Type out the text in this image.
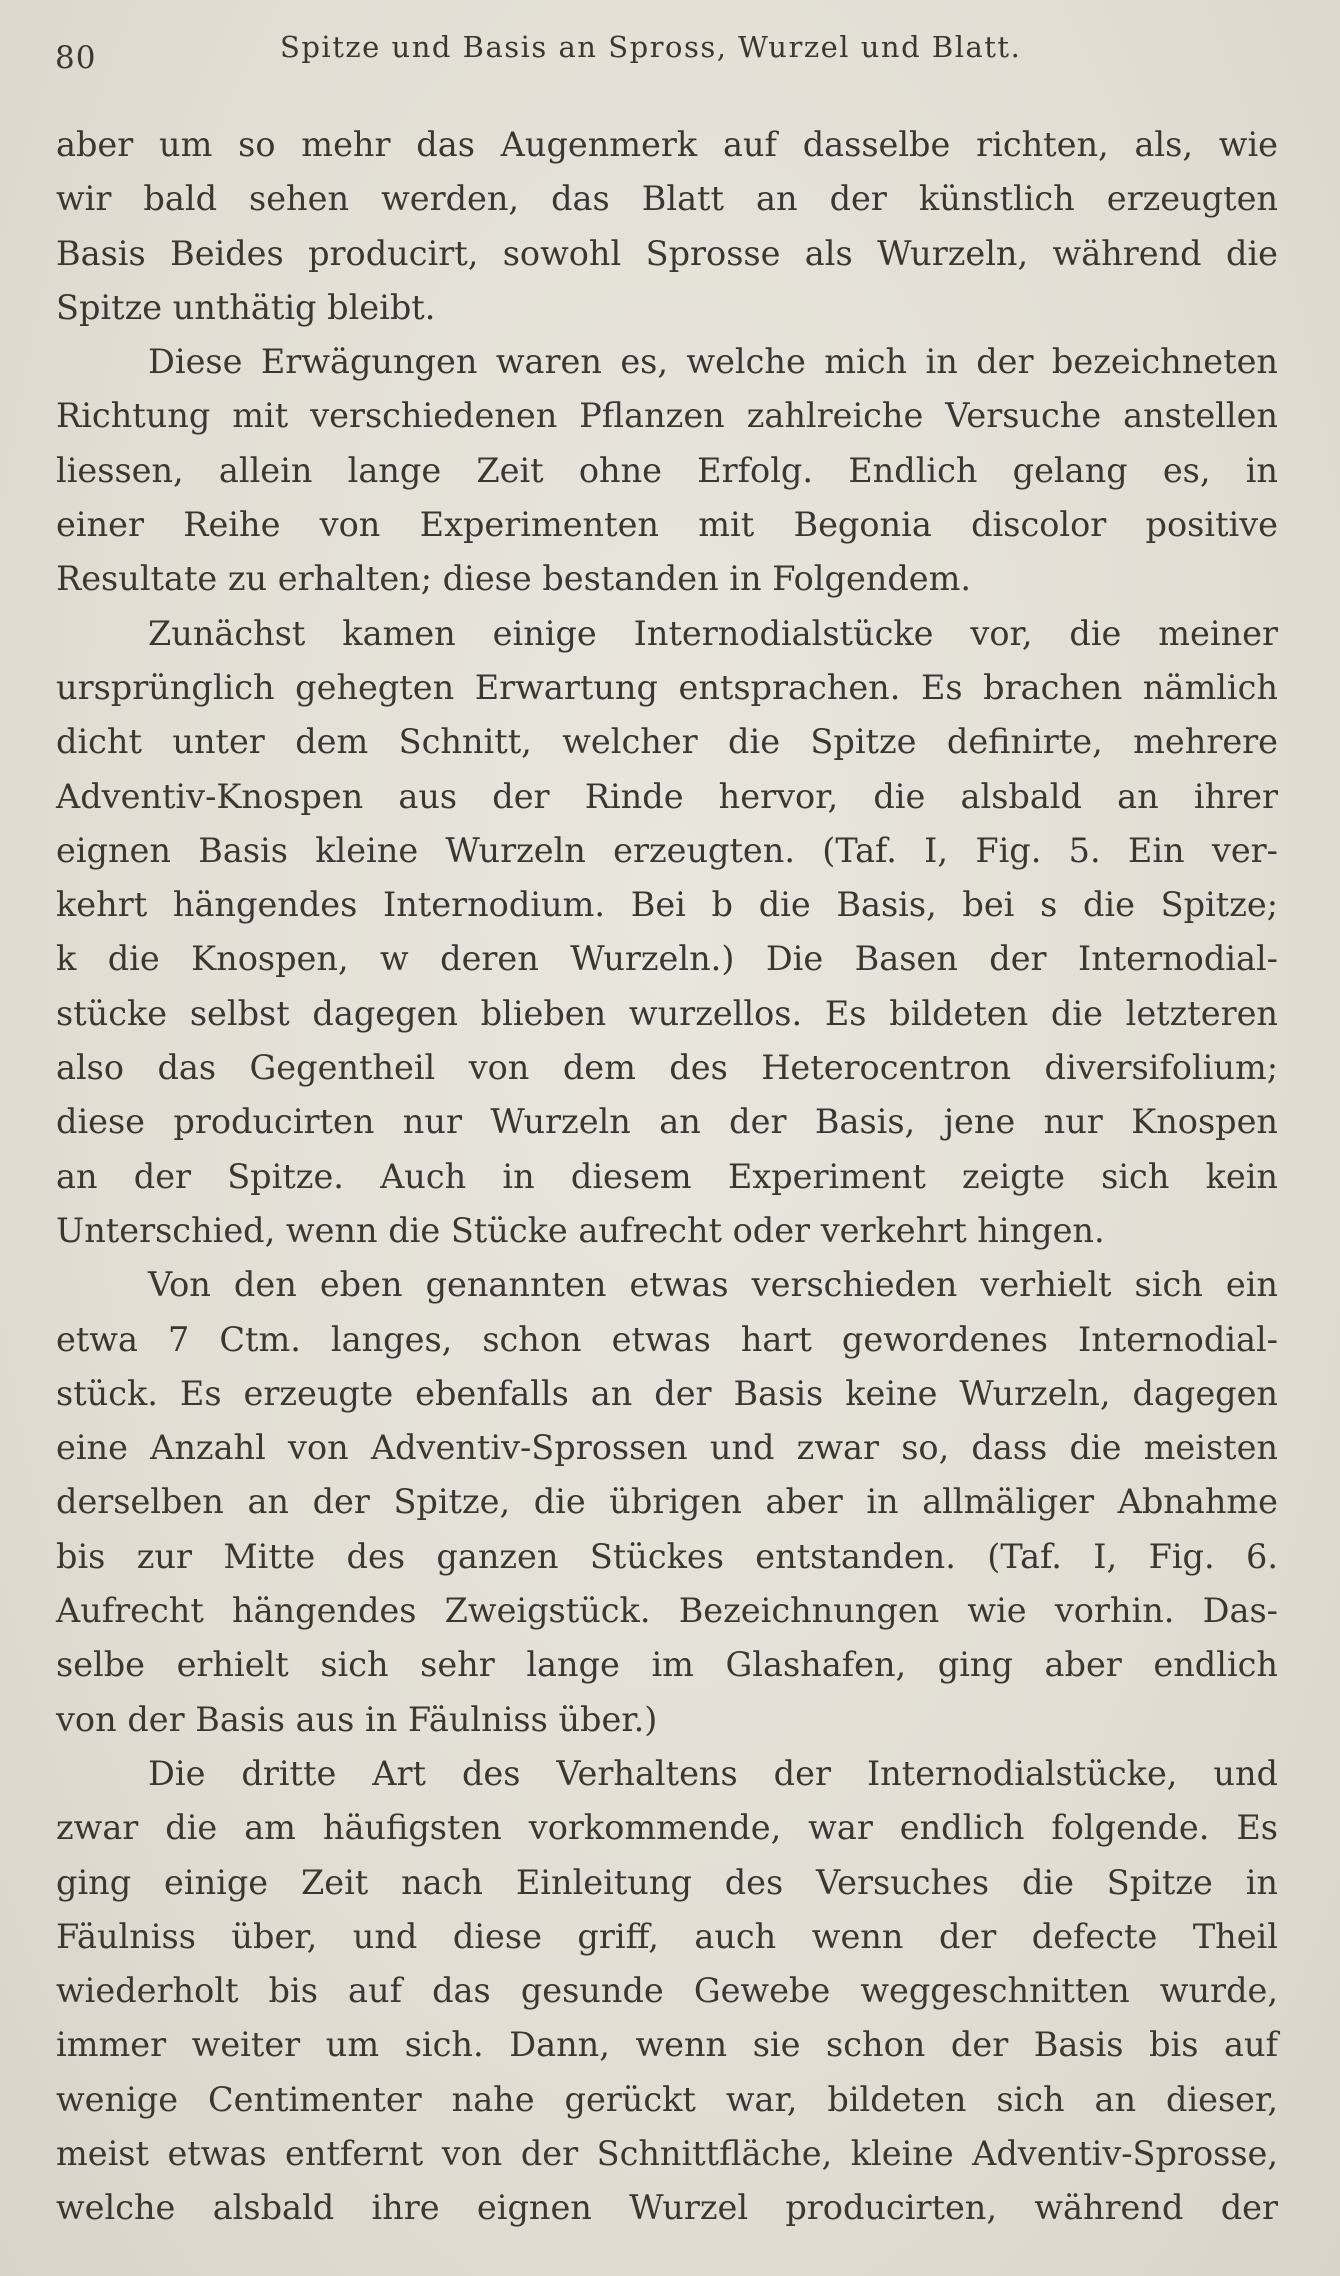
80	Spitze und Basis an Spross, Wurzel und Blatt.
aber um so mehr das Augenmerk auf dasselbe richten, als, wie
wir bald sehen werden, das Blatt an der künstlich erzeugten
Basis Beides producirt, sowohl Sprosse als Wurzeln, während die
Spitze unthätig bleibt.
Diese Erwägungen waren es, welche mich in der bezeichneten
Richtung mit verschiedenen Pflanzen zahlreiche Versuche anstellen
liessen, allein lange Zeit ohne Erfolg. Endlich gelang es, in
einer Reihe von Experimenten mit Begonia discolor positive
Resultate zu erhalten; diese bestanden in Folgendem.
Zunächst kamen einige Internodialstücke vor, die meiner
ursprünglich gehegten Erwartung entsprachen. Es brachen nämlich
dicht unter dem Schnitt, welcher die Spitze definirte, mehrere
Adventiv-Knospen aus der Rinde hervor, die alsbald an ihrer
eignen Basis kleine Wurzeln erzeugten. (Taf. I, Fig. 5. Ein ver-
kehrt hängendes Internodium. Bei b die Basis, bei s die Spitze;
k die Knospen, w deren Wurzeln.) Die Basen der Internodial-
stücke selbst dagegen blieben wurzellos. Es bildeten die letzteren
also das Gegentheil von dem des Heterocentron diversifolium;
diese producirten nur Wurzeln an der Basis, jene nur Knospen
an der Spitze. Auch in diesem Experiment zeigte sich kein
Unterschied, wenn die Stücke aufrecht oder verkehrt hingen.
Von den eben genannten etwas verschieden verhielt sich ein
etwa 7 Ctm. langes, schon etwas hart gewordenes Internodial-
stück. Es erzeugte ebenfalls an der Basis keine Wurzeln, dagegen
eine Anzahl von Adventiv-Sprossen und zwar so, dass die meisten
derselben an der Spitze, die übrigen aber in allmäliger Abnahme
bis zur Mitte des ganzen Stückes entstanden. (Taf. I, Fig. 6.
Aufrecht hängendes Zweigstück. Bezeichnungen wie vorhin. Das-
selbe erhielt sich sehr lange im Glashafen, ging aber endlich
von der Basis aus in Fäulniss über.)
Die dritte Art des Verhaltens der Internodialstücke, und
zwar die am häufigsten vorkommende, war endlich folgende. Es
ging einige Zeit nach Einleitung des Versuches die Spitze in
Fäulniss über, und diese griff, auch wenn der defecte Theil
wiederholt bis auf das gesunde Gewebe weggeschnitten wurde,
immer weiter um sich. Dann, wenn sie schon der Basis bis auf
wenige Centimenter nahe gerückt war, bildeten sich an dieser,
meist etwas entfernt von der Schnittfläche, kleine Adventiv-Sprosse,
welche alsbald ihre eignen Wurzel producirten, während der
